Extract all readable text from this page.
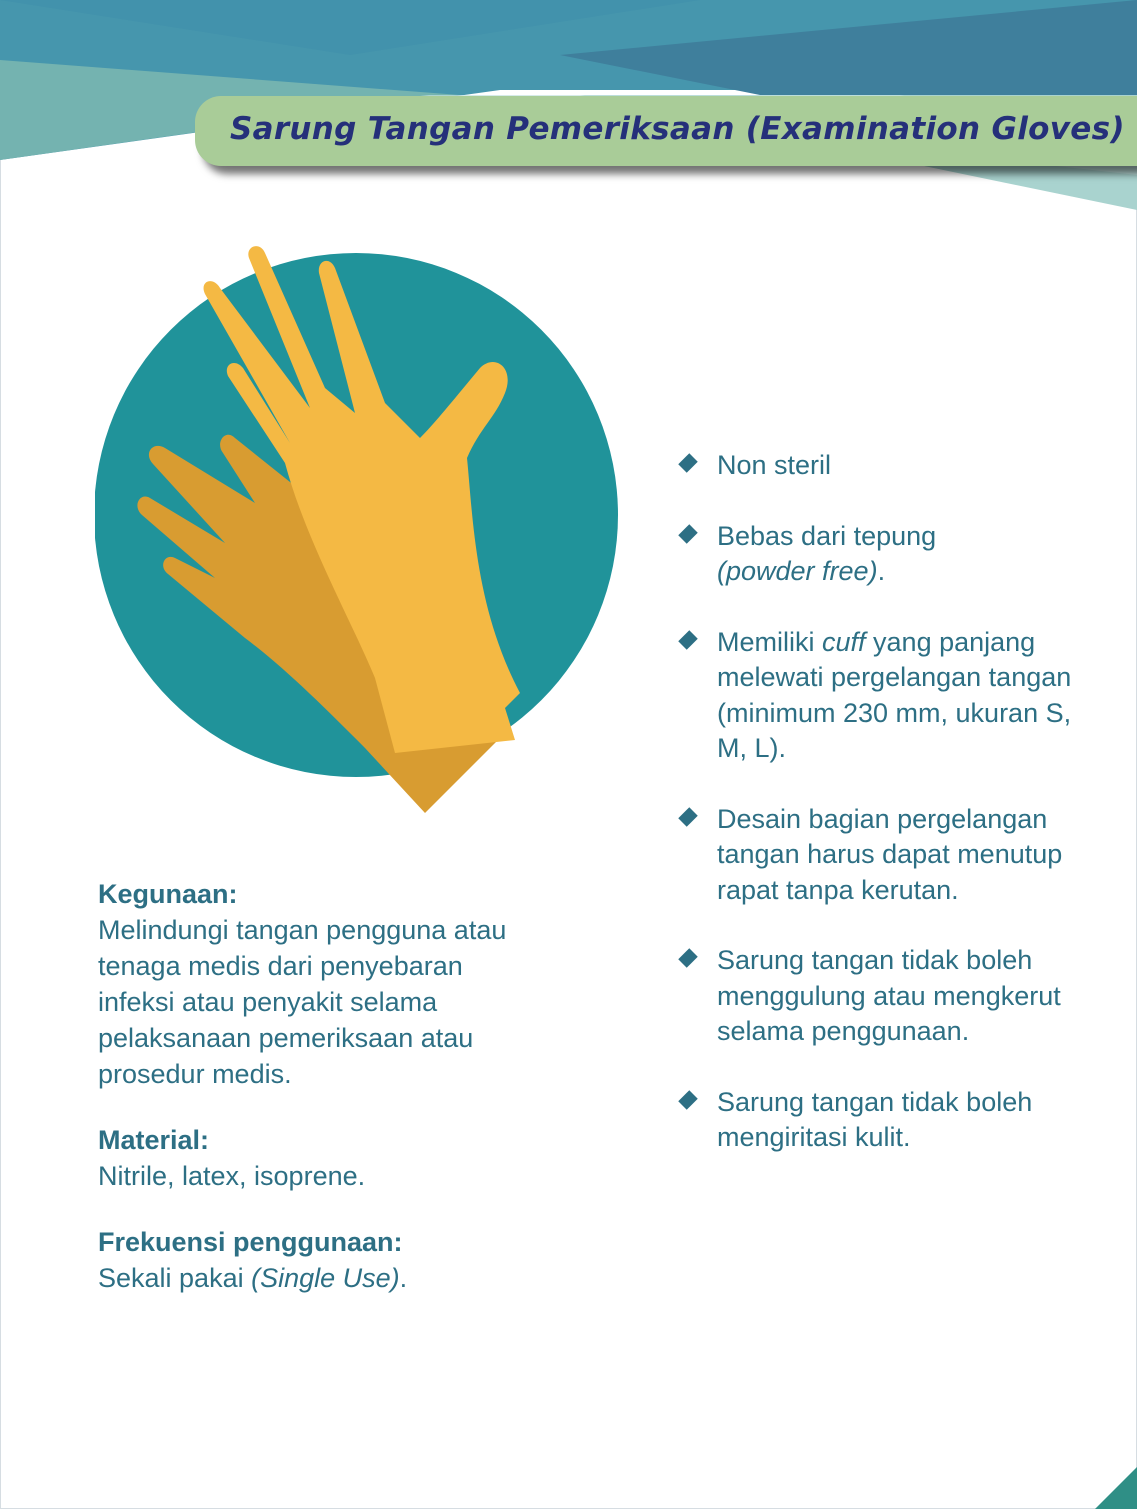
Sarung Tangan Pemeriksaan (Examination Gloves)
Kegunaan:
Melindungi tangan pengguna atau tenaga medis dari penyebaran infeksi atau penyakit selama pelaksanaan pemeriksaan atau prosedur medis.
Material:
Nitrile, latex, isoprene.
Frekuensi penggunaan:
Sekali pakai (Single Use).
Non steril
Bebas dari tepung
(powder free).
Memiliki cuff yang panjang melewati pergelangan tangan (minimum 230 mm, ukuran S, M, L).
Desain bagian pergelangan tangan harus dapat menutup rapat tanpa kerutan.
Sarung tangan tidak boleh menggulung atau mengkerut selama penggunaan.
Sarung tangan tidak boleh mengiritasi kulit.
